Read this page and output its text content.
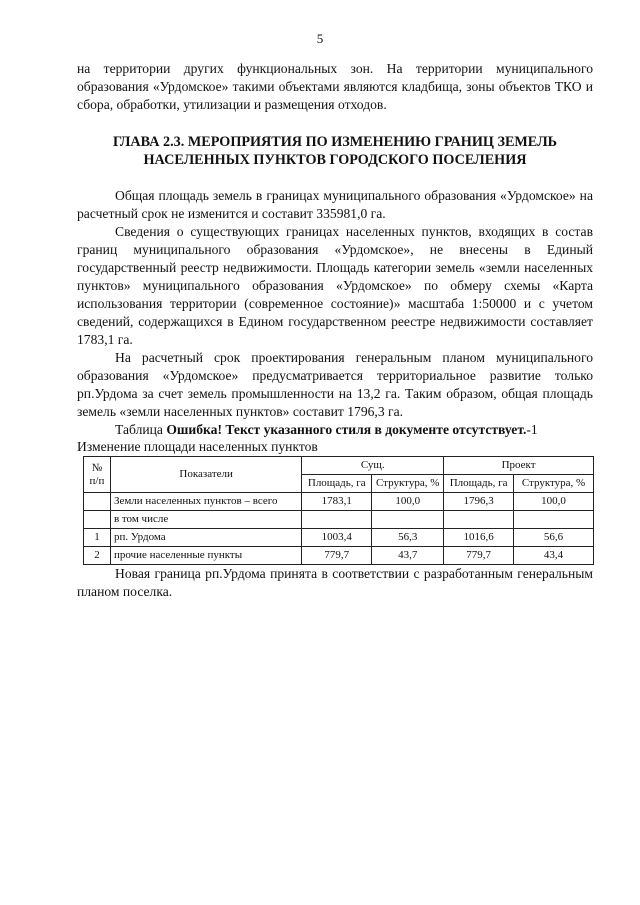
5

на территории других функциональных зон. На территории муниципального образования «Урдомское» такими объектами являются кладбища, зоны объектов ТКО и сбора, обработки, утилизации и размещения отходов.

ГЛАВА 2.3. МЕРОПРИЯТИЯ ПО ИЗМЕНЕНИЮ ГРАНИЦ ЗЕМЕЛЬ
НАСЕЛЕННЫХ ПУНКТОВ ГОРОДСКОГО ПОСЕЛЕНИЯ

Общая площадь земель в границах муниципального образования «Урдомское» на расчетный срок не изменится и составит 335981,0 га.

Сведения о существующих границах населенных пунктов, входящих в состав границ муниципального образования «Урдомское», не внесены в Единый государственный реестр недвижимости. Площадь категории земель «земли населенных пунктов» муниципального образования «Урдомское» по обмеру схемы «Карта использования территории (современное состояние)» масштаба 1:50000 и с учетом сведений, содержащихся в Едином государственном реестре недвижимости составляет 1783,1 га.

На расчетный срок проектирования генеральным планом муниципального образования «Урдомское» предусматривается территориальное развитие только рп.Урдома за счет земель промышленности на 13,2 га. Таким образом, общая площадь земель «земли населенных пунктов» составит 1796,3 га.

Таблица Ошибка! Текст указанного стиля в документе отсутствует.-1
Изменение площади населенных пунктов
№ п/п	Показатели	Сущ.		Проект	
		Площадь, га	Структура, %	Площадь, га	Структура, %
	Земли населенных пунктов – всего	1783,1	100,0	1796,3	100,0
	в том числе				
1	рп. Урдома	1003,4	56,3	1016,6	56,6
2	прочие населенные пункты	779,7	43,7	779,7	43,4

Новая граница рп.Урдома принята в соответствии с разработанным генеральным планом поселка.
